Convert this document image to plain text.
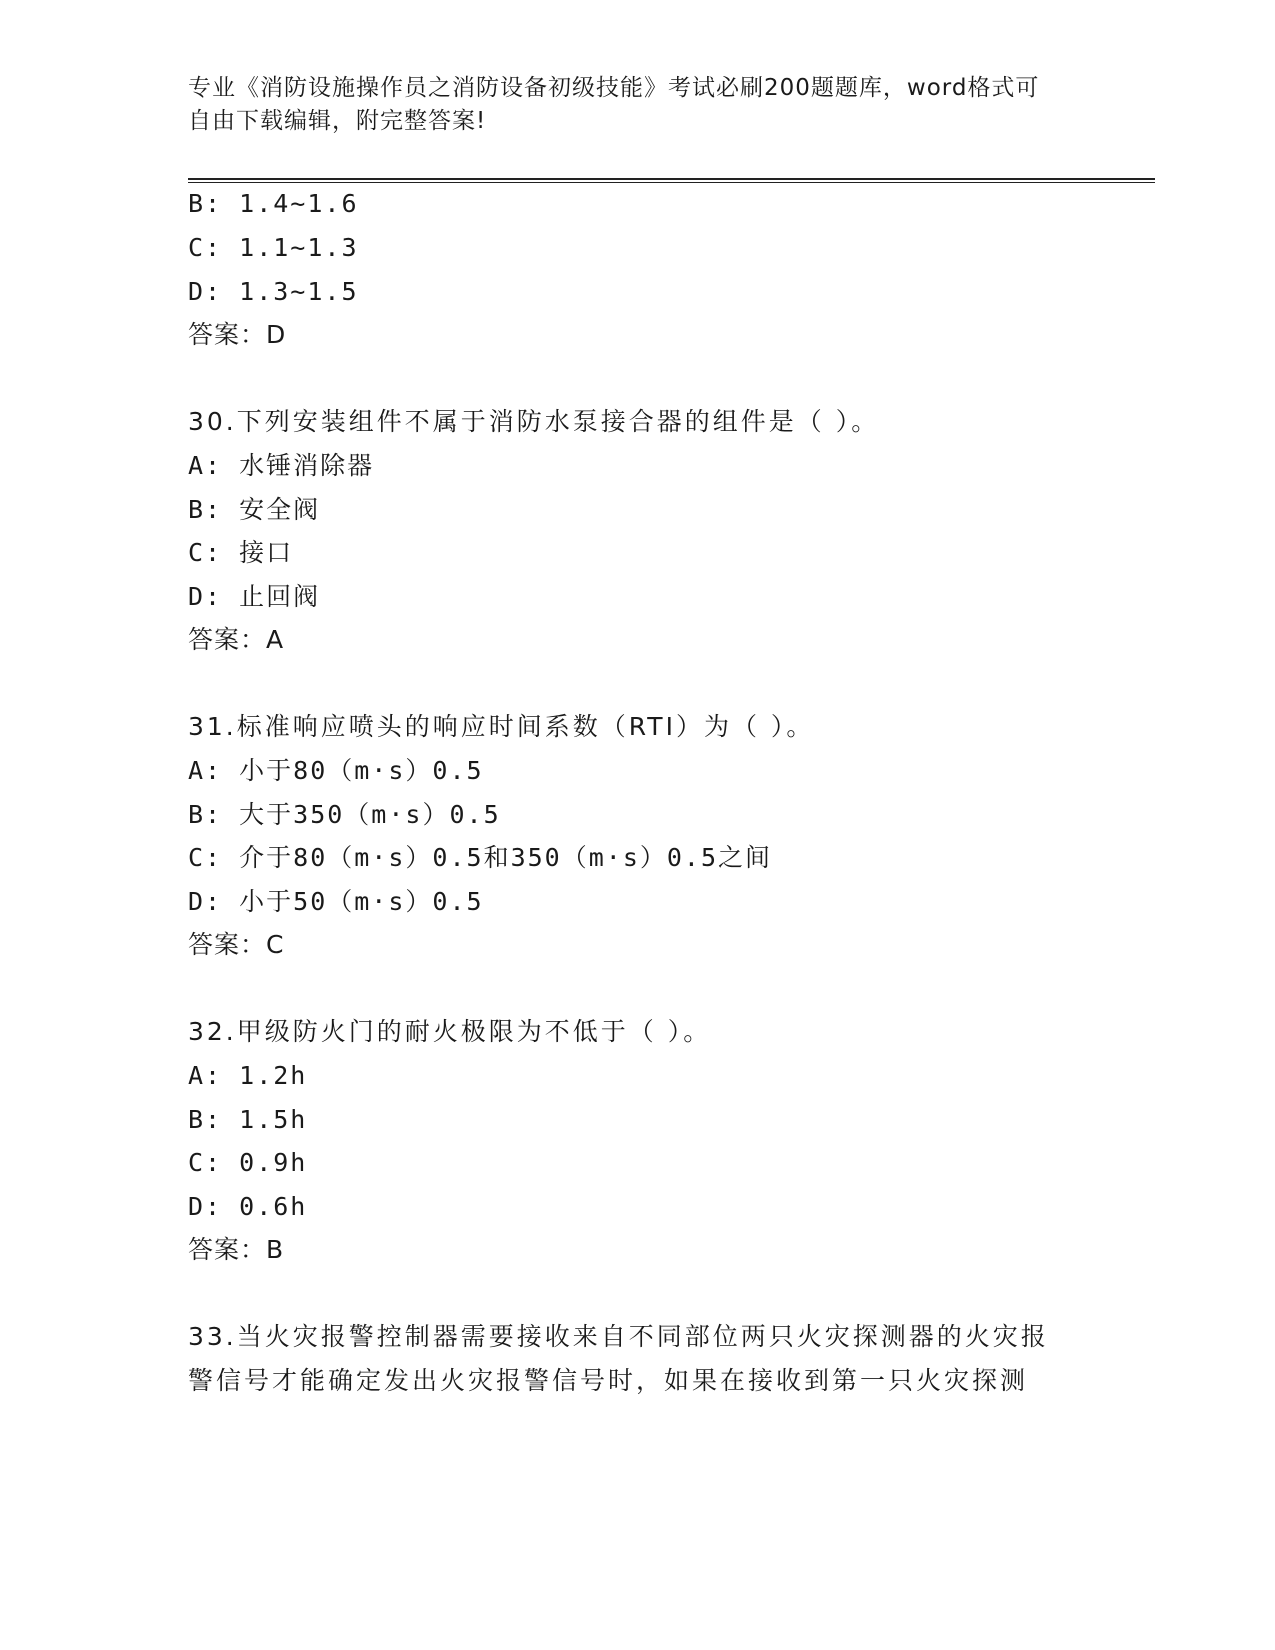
专业《消防设施操作员之消防设备初级技能》考试必刷200题题库，word格式可
自由下载编辑，附完整答案!
B: 1.4~1.6
C: 1.1~1.3
D: 1.3~1.5
答案：D
30.下列安装组件不属于消防水泵接合器的组件是（ ）。
A: 水锤消除器
B: 安全阀
C: 接口
D: 止回阀
答案：A
31.标准响应喷头的响应时间系数（RTI）为（ ）。
A: 小于80（m·s）0.5
B: 大于350（m·s）0.5
C: 介于80（m·s）0.5和350（m·s）0.5之间
D: 小于50（m·s）0.5
答案：C
32.甲级防火门的耐火极限为不低于（ ）。
A: 1.2h
B: 1.5h
C: 0.9h
D: 0.6h
答案：B
33.当火灾报警控制器需要接收来自不同部位两只火灾探测器的火灾报
警信号才能确定发出火灾报警信号时，如果在接收到第一只火灾探测
